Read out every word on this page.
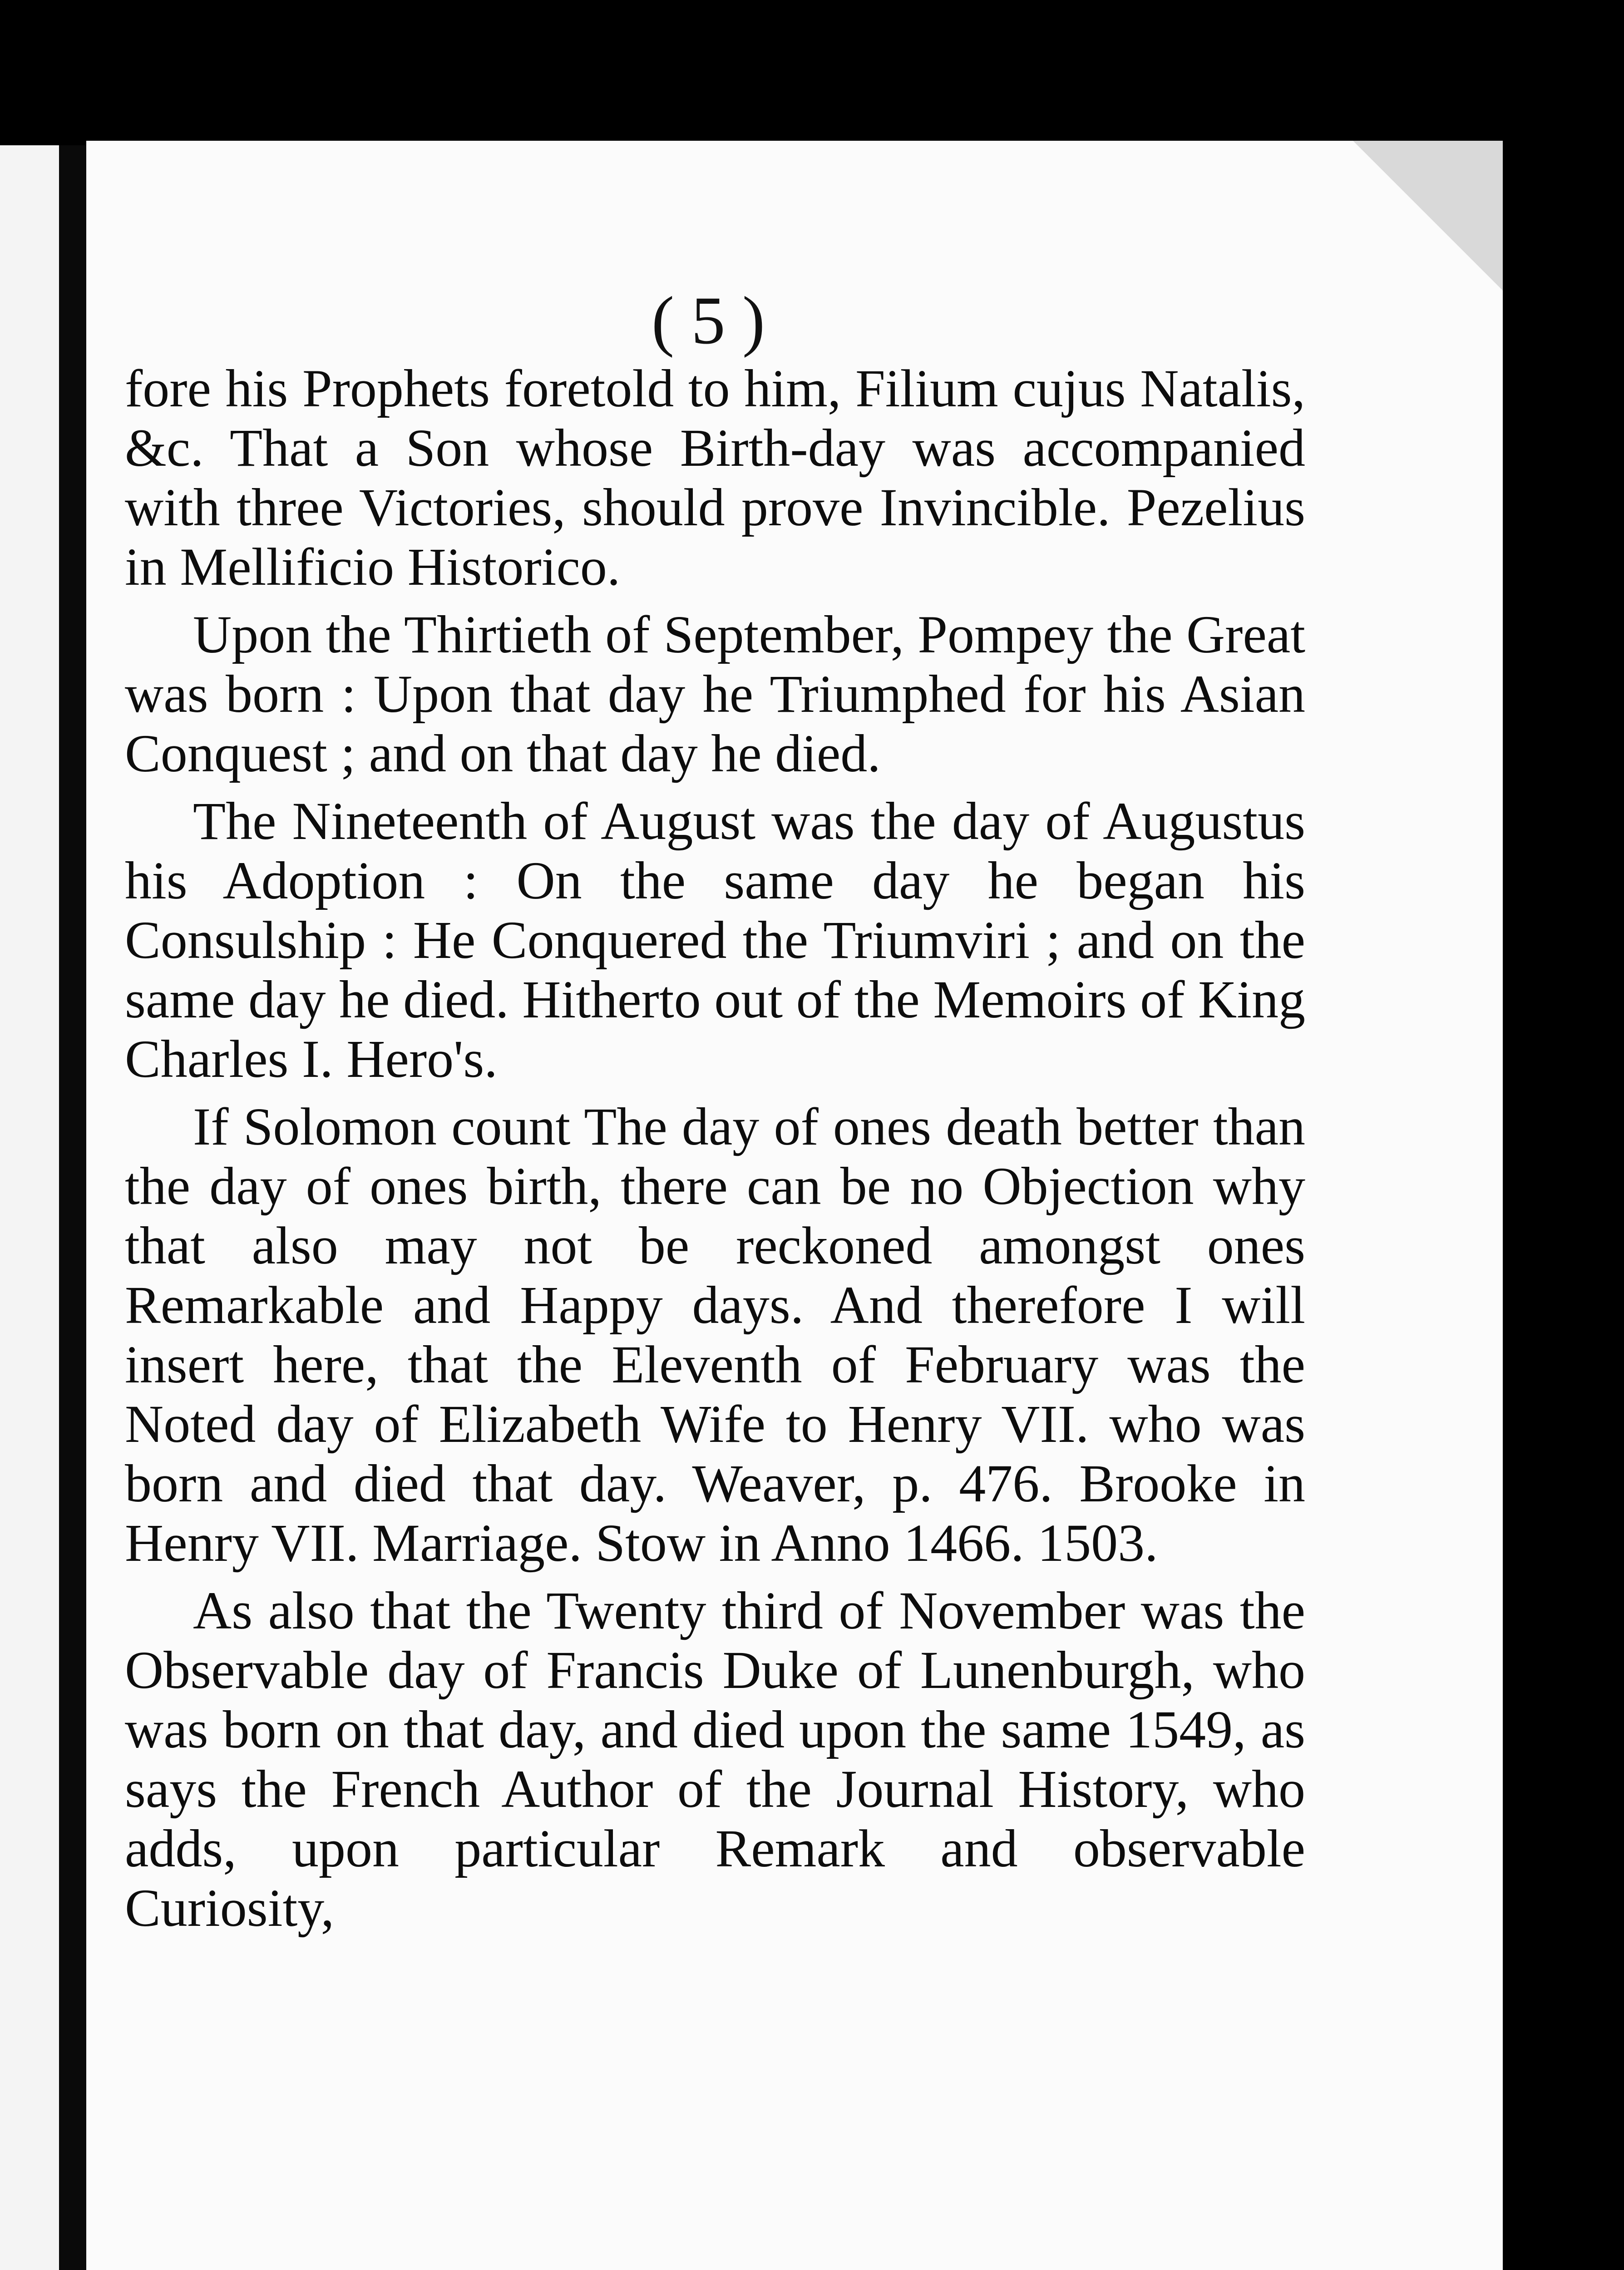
( 5 )

fore his Prophets foretold to him, Filium cujus Natalis, &c. That a Son whose Birth-day was accompanied with three Victories, should prove Invincible. Pezelius in Mellificio Historico.

Upon the Thirtieth of September, Pompey the Great was born : Upon that day he Triumphed for his Asian Conquest ; and on that day he died.

The Nineteenth of August was the day of Augustus his Adoption : On the same day he began his Consulship : He Conquered the Triumviri ; and on the same day he died. Hitherto out of the Memoirs of King Charles I. Hero's.

If Solomon count The day of ones death better than the day of ones birth, there can be no Objection why that also may not be reckoned amongst ones Remarkable and Happy days. And therefore I will insert here, that the Eleventh of February was the Noted day of Elizabeth Wife to Henry VII. who was born and died that day. Weaver, p. 476. Brooke in Henry VII. Marriage. Stow in Anno 1466. 1503.

As also that the Twenty third of November was the Observable day of Francis Duke of Lunenburgh, who was born on that day, and died upon the same 1549, as says the French Author of the Journal History, who adds, upon particular Remark and observable Curiosity,
